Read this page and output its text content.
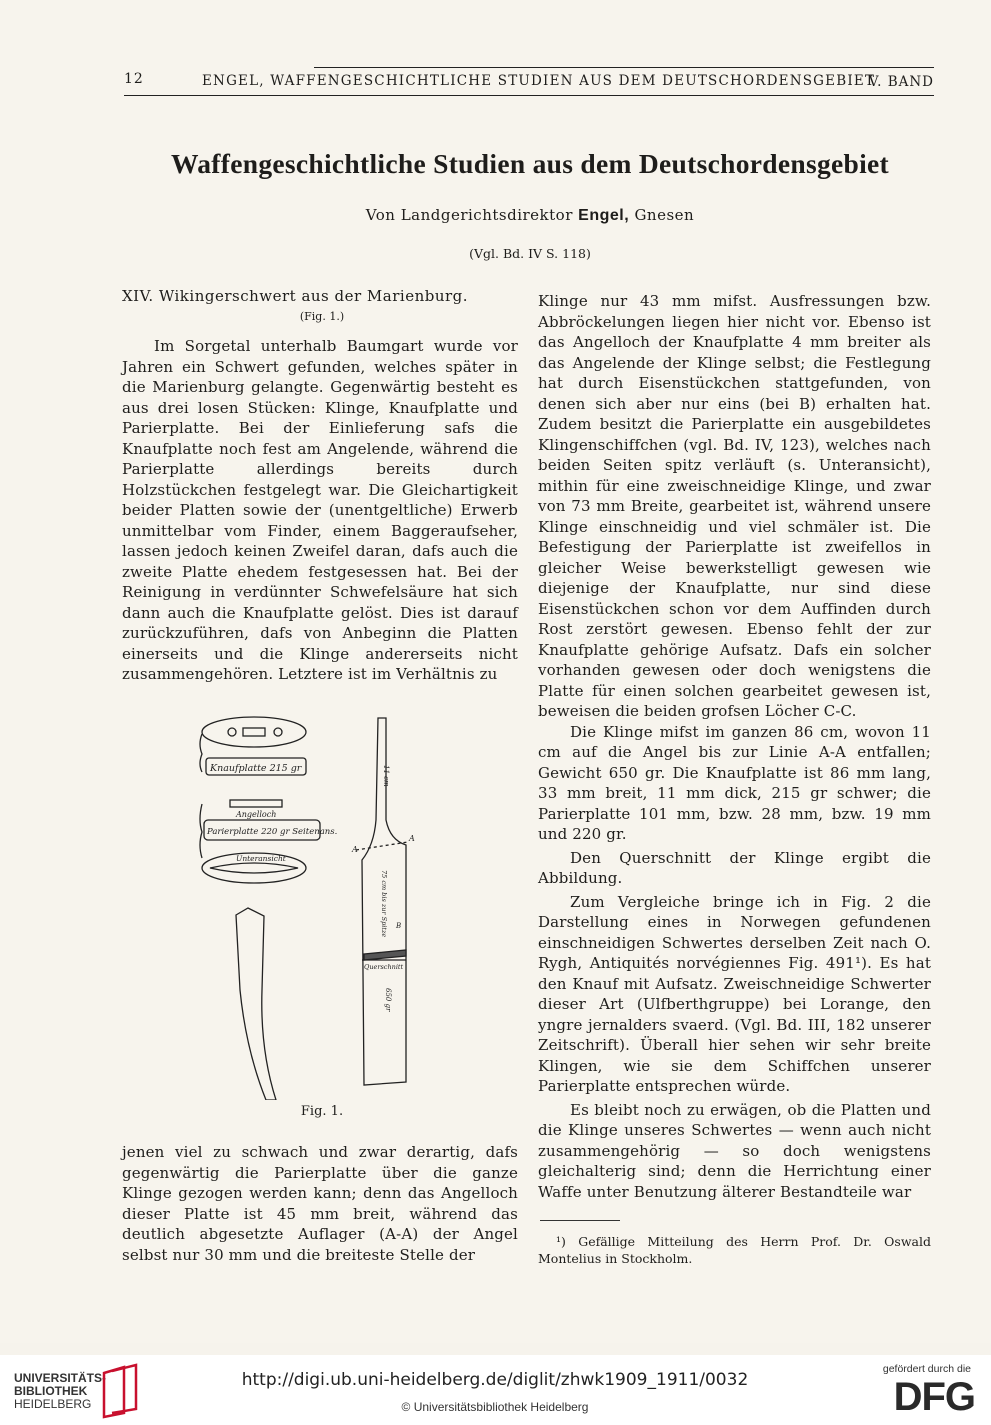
12	ENGEL, WAFFENGESCHICHTLICHE STUDIEN AUS DEM DEUTSCHORDENSGEBIET
V. BAND
Waffengeschichtliche Studien aus dem Deutschordensgebiet
Von Landgerichtsdirektor Engel, Gnesen
(Vgl. Bd. IV S. 118)
XIV. Wikingerschwert aus der Marienburg.
(Fig. 1.)

Im Sorgetal unterhalb Baumgart wurde vor Jahren ein Schwert gefunden, welches später in die Marienburg gelangte. Gegenwärtig besteht es aus drei losen Stücken: Klinge, Knaufplatte und Parierplatte. Bei der Einlieferung safs die Knaufplatte noch fest am Angelende, während die Parierplatte allerdings bereits durch Holzstückchen festgelegt war. Die Gleichartigkeit beider Platten sowie der (unentgeltliche) Erwerb unmittelbar vom Finder, einem Baggeraufseher, lassen jedoch keinen Zweifel daran, dafs auch die zweite Platte ehedem festgesessen hat. Bei der Reinigung in verdünnter Schwefelsäure hat sich dann auch die Knaufplatte gelöst. Dies ist darauf zurückzuführen, dafs von Anbeginn die Platten einerseits und die Klinge andererseits nicht zusammengehören. Letztere ist im Verhältnis zu

Knaufplatte 215 gr
Angelloch
Parierplatte 220 gr Seitenans.
Unteransicht
A
A
B
11 cm
75 cm bis zur Spitze
Querschnitt
650 gr
Fig. 1.

jenen viel zu schwach und zwar derartig, dafs gegenwärtig die Parierplatte über die ganze Klinge gezogen werden kann; denn das Angelloch dieser Platte ist 45 mm breit, während das deutlich abgesetzte Auflager (A-A) der Angel selbst nur 30 mm und die breiteste Stelle der

Klinge nur 43 mm mifst. Ausfressungen bzw. Abbröckelungen liegen hier nicht vor. Ebenso ist das Angelloch der Knaufplatte 4 mm breiter als das Angelende der Klinge selbst; die Festlegung hat durch Eisenstückchen stattgefunden, von denen sich aber nur eins (bei B) erhalten hat. Zudem besitzt die Parierplatte ein ausgebildetes Klingenschiffchen (vgl. Bd. IV, 123), welches nach beiden Seiten spitz verläuft (s. Unteransicht), mithin für eine zweischneidige Klinge, und zwar von 73 mm Breite, gearbeitet ist, während unsere Klinge einschneidig und viel schmäler ist. Die Befestigung der Parierplatte ist zweifellos in gleicher Weise bewerkstelligt gewesen wie diejenige der Knaufplatte, nur sind diese Eisenstückchen schon vor dem Auffinden durch Rost zerstört gewesen. Ebenso fehlt der zur Knaufplatte gehörige Aufsatz. Dafs ein solcher vorhanden gewesen oder doch wenigstens die Platte für einen solchen gearbeitet gewesen ist, beweisen die beiden grofsen Löcher C-C.

Die Klinge mifst im ganzen 86 cm, wovon 11 cm auf die Angel bis zur Linie A-A entfallen; Gewicht 650 gr. Die Knaufplatte ist 86 mm lang, 33 mm breit, 11 mm dick, 215 gr schwer; die Parierplatte 101 mm, bzw. 28 mm, bzw. 19 mm und 220 gr.

Den Querschnitt der Klinge ergibt die Abbildung.

Zum Vergleiche bringe ich in Fig. 2 die Darstellung eines in Norwegen gefundenen einschneidigen Schwertes derselben Zeit nach O. Rygh, Antiquités norvégiennes Fig. 491¹). Es hat den Knauf mit Aufsatz. Zweischneidige Schwerter dieser Art (Ulfberthgruppe) bei Lorange, den yngre jernalders svaerd. (Vgl. Bd. III, 182 unserer Zeitschrift). Überall hier sehen wir sehr breite Klingen, wie sie dem Schiffchen unserer Parierplatte entsprechen würde.

Es bleibt noch zu erwägen, ob die Platten und die Klinge unseres Schwertes — wenn auch nicht zusammengehörig — so doch wenigstens gleichalterig sind; denn die Herrichtung einer Waffe unter Benutzung älterer Bestandteile war

¹) Gefällige Mitteilung des Herrn Prof. Dr. Oswald Montelius in Stockholm.

UNIVERSITÄTS-
BIBLIOTHEK
HEIDELBERG
http://digi.ub.uni-heidelberg.de/diglit/zhwk1909_1911/0032
© Universitätsbibliothek Heidelberg
gefördert durch die
DFG
